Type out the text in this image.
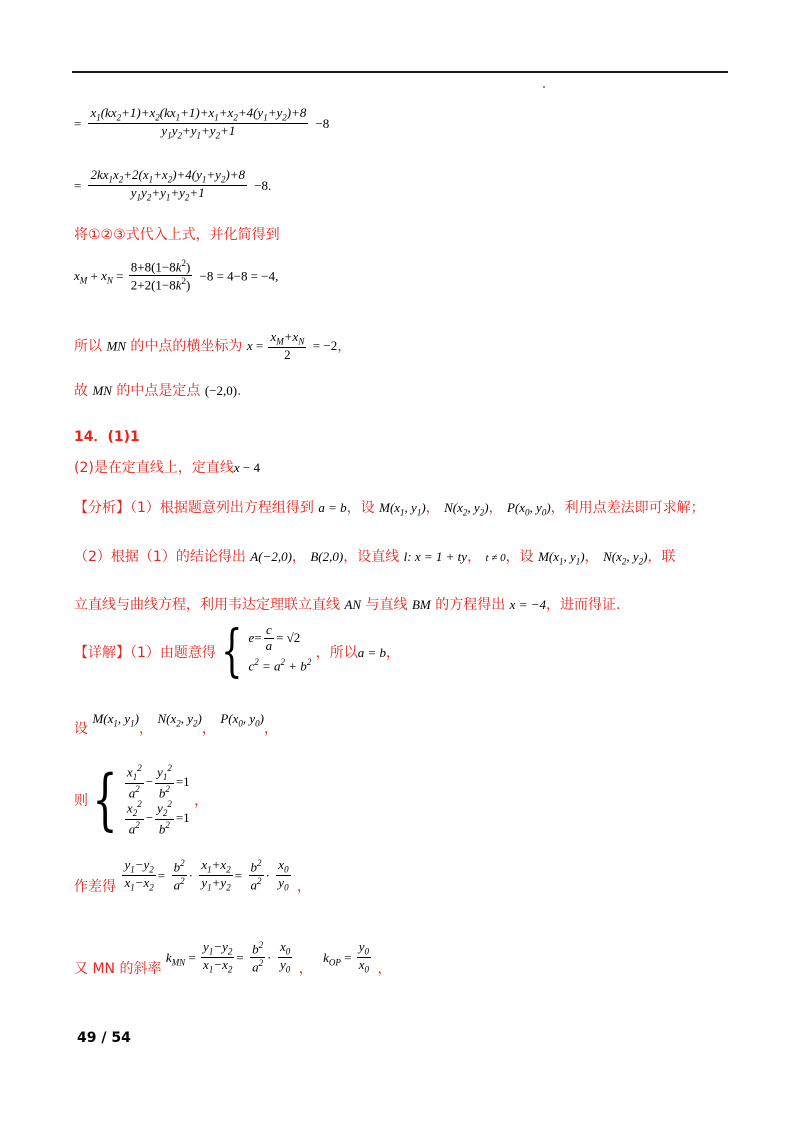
= $\frac{x_1(kx_2+1)+x_2(kx_1+1)+x_1+x_2+4(y_1+y_2)+8}{y_1y_2+y_1+y_2+1} -8$
= $\frac{2kx_1x_2+2(x_1+x_2)+4(y_1+y_2)+8}{y_1y_2+y_1+y_2+1} -8$.
将①②③式代入上式，并化简得到
$x_M + x_N = \frac{8+8(1-8k^2)}{2+2(1-8k^2)} -8 = 4-8 = -4$,
所以 MN 的中点的横坐标为 $x = \frac{x_M+x_N}{2} = -2$，
故 MN 的中点是定点 (−2,0).
14．(1)1
(2)是在定直线上，定直线x − 4
【分析】（1）根据题意列出方程组得到 a = b，设 $M(x_1$, $y_1$)， $N(x_2$, $y_2$)， $P(x_0$, $y_0$)，利用点差法即可求解；
（2）根据（1）的结论得出 A(−2,0)， B(2,0)，设直线 l: x = 1 + ty， t ≠ 0，设 $M(x_1$, $y_1$)， $N(x_2$, $y_2$)，联
立直线与曲线方程，利用韦达定理联立直线 AN 与直线 BM 的方程得出 x = −4，进而得证.
【详解】（1）由题意得 { $e = \frac{c}{a} = √2$
$c^2 = a^2 + b^2$
，所以a = b，
设 $M(x_1$, $y_1$)， $N(x_2$, $y_2$)， $P(x_0$, $y_0$)，
则 { $\frac{x_1^2}{a^2} - \frac{y_1^2}{b^2} =1$
$\frac{x_2^2}{a^2} - \frac{y_2^2}{b^2} =1$
，
作差得 $\frac{y_1-y_2}{x_1-x_2} = \frac{b^2}{a^2} \cdot \frac{x_1+x_2}{y_1+y_2} = \frac{b^2}{a^2} \cdot \frac{x_0}{y_0}$ ，
又 MN 的斜率 $k_{MN} = \frac{y_1-y_2}{x_1-x_2} = \frac{b^2}{a^2} \cdot \frac{x_0}{y_0}$ ， $k_{OP} = \frac{y_0}{x_0}$ ，
49 / 54
